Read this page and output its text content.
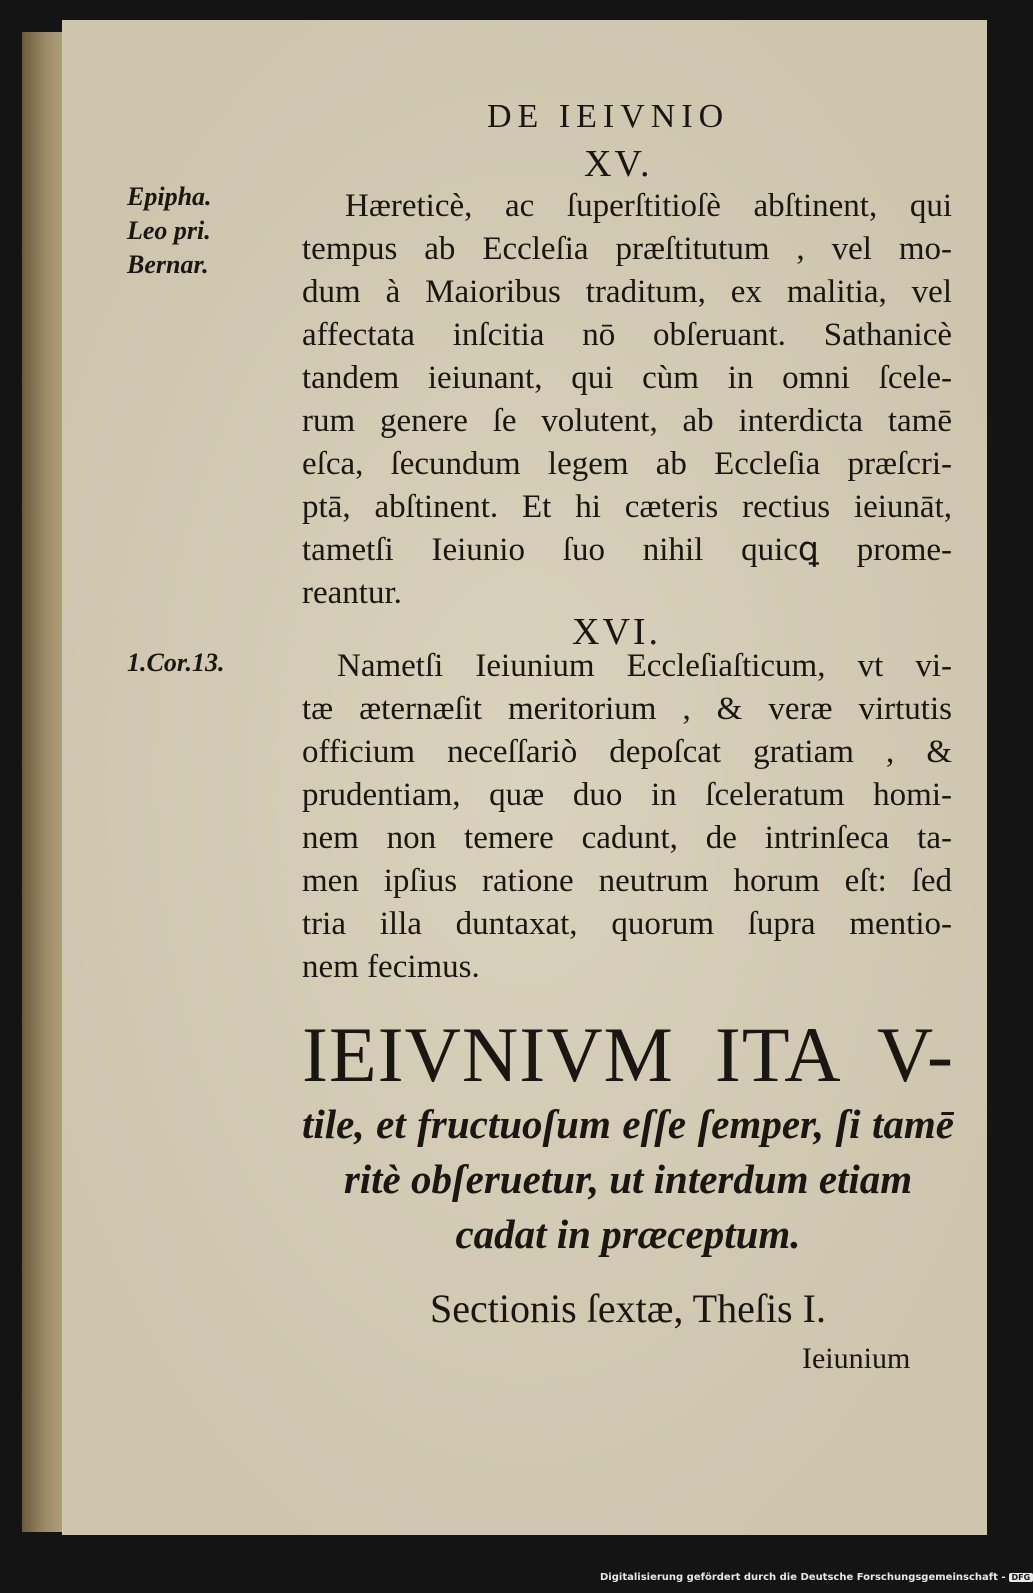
DE IEIVNIO
Epipha.
Leo pri.
Bernar.
1.Cor.13.
XV.
Hæreticè, ac ſuperſtitioſè abſtinent, qui
tempus ab Eccleſia præſtitutum , vel mo-
dum à Maioribus traditum, ex malitia, vel
affectata inſcitia nō obſeruant. Sathanicè
tandem ieiunant, qui cùm in omni ſcele-
rum genere ſe volutent, ab interdicta tamē
eſca, ſecundum legem ab Eccleſia præſcri-
ptā, abſtinent. Et hi cæteris rectius ieiunāt,
tametſi Ieiunio ſuo nihil quicꝗ prome-
reantur.
XVI.
Nametſi Ieiunium Eccleſiaſticum, vt vi-
tæ æternæſit meritorium , & veræ virtutis
officium neceſſariò depoſcat gratiam , &
prudentiam, quæ duo in ſceleratum homi-
nem non temere cadunt, de intrinſeca ta-
men ipſius ratione neutrum horum eſt: ſed
tria illa duntaxat, quorum ſupra mentio-
nem fecimus.
IEIVNIVM ITA V-
tile, et fructuoſum eſſe ſemper, ſi tamē
ritè obſeruetur, ut interdum etiam
cadat in præceptum.
Sectionis ſextæ, Theſis I.
Ieiunium
Digitalisierung gefördert durch die Deutsche Forschungsgemeinschaft - DFG
